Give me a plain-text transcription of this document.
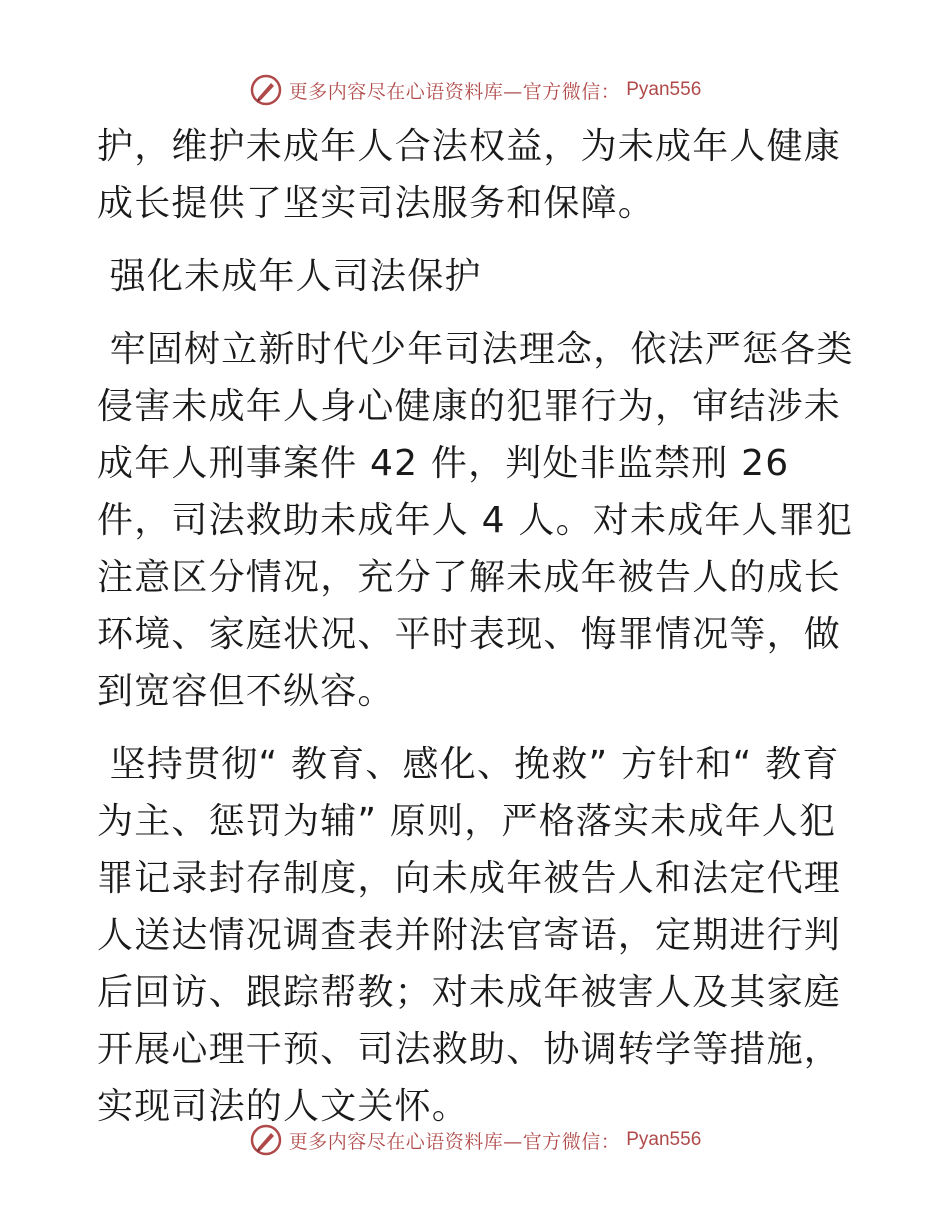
更多内容尽在心语资料库—官方微信： Pyan556

护，维护未成年人合法权益，为未成年人健康成长提供了坚实司法服务和保障。

强化未成年人司法保护

牢固树立新时代少年司法理念，依法严惩各类侵害未成年人身心健康的犯罪行为，审结涉未成年人刑事案件 42 件，判处非监禁刑 26 件，司法救助未成年人 4 人。对未成年人罪犯注意区分情况，充分了解未成年被告人的成长环境、家庭状况、平时表现、悔罪情况等，做到宽容但不纵容。

坚持贯彻“ 教育、感化、挽救” 方针和“ 教育为主、惩罚为辅” 原则，严格落实未成年人犯罪记录封存制度，向未成年被告人和法定代理人送达情况调查表并附法官寄语，定期进行判后回访、跟踪帮教；对未成年被害人及其家庭开展心理干预、司法救助、协调转学等措施，实现司法的人文关怀。

更多内容尽在心语资料库—官方微信： Pyan556
